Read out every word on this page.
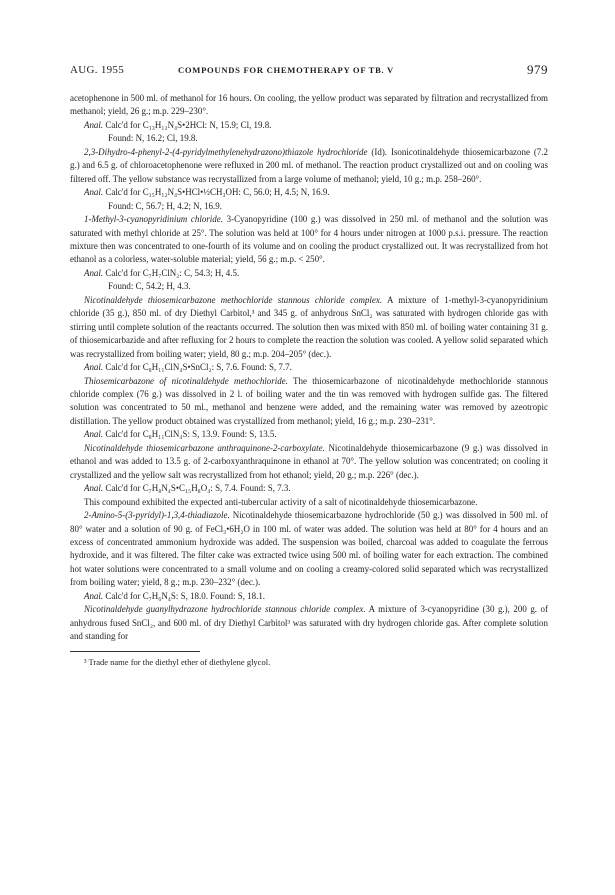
AUG. 1955	COMPOUNDS FOR CHEMOTHERAPY OF TB. V	979

acetophenone in 500 ml. of methanol for 16 hours. On cooling, the yellow product was separated by filtration and recrystallized from methanol; yield, 26 g.; m.p. 229–230°.

Anal. Calc'd for C₁₃H₁₂N₄S•2HCl: N, 15.9; Cl, 19.8.

Found: N, 16.2; Cl, 19.8.

2,3-Dihydro-4-phenyl-2-(4-pyridylmethylenehydrazono)thiazole hydrochloride (Id). Isonicotinaldehyde thiosemicarbazone (7.2 g.) and 6.5 g. of chloroacetophenone were refluxed in 200 ml. of methanol. The reaction product crystallized out and on cooling was filtered off. The yellow substance was recrystallized from a large volume of methanol; yield, 10 g.; m.p. 258–260°.

Anal. Calc'd for C₁₅H₁₂N₄S•HCl•½CH₃OH: C, 56.0; H, 4.5; N, 16.9.

Found: C, 56.7; H, 4.2; N, 16.9.

1-Methyl-3-cyanopyridinium chloride. 3-Cyanopyridine (100 g.) was dissolved in 250 ml. of methanol and the solution was saturated with methyl chloride at 25°. The solution was held at 100° for 4 hours under nitrogen at 1000 p.s.i. pressure. The reaction mixture then was concentrated to one-fourth of its volume and on cooling the product crystallized out. It was recrystallized from hot ethanol as a colorless, water-soluble material; yield, 56 g.; m.p. < 250°.

Anal. Calc'd for C₇H₇ClN₂: C, 54.3; H, 4.5.

Found: C, 54.2; H, 4.3.

Nicotinaldehyde thiosemicarbazone methochloride stannous chloride complex. A mixture of 1-methyl-3-cyanopyridinium chloride (35 g.), 850 ml. of dry Diethyl Carbitol,³ and 345 g. of anhydrous SnCl₂ was saturated with hydrogen chloride gas with stirring until complete solution of the reactants occurred. The solution then was mixed with 850 ml. of boiling water containing 31 g. of thiosemicarbazide and after refluxing for 2 hours to complete the reaction the solution was cooled. A yellow solid separated which was recrystallized from boiling water; yield, 80 g.; m.p. 204–205° (dec.).

Anal. Calc'd for C₈H₁₁ClN₄S•SnCl₂: S, 7.6. Found: S, 7.7.

Thiosemicarbazone of nicotinaldehyde methochloride. The thiosemicarbazone of nicotinaldehyde methochloride stannous chloride complex (76 g.) was dissolved in 2 l. of boiling water and the tin was removed with hydrogen sulfide gas. The filtered solution was concentrated to 50 ml., methanol and benzene were added, and the remaining water was removed by azeotropic distillation. The yellow product obtained was crystallized from methanol; yield, 16 g.; m.p. 230–231°.

Anal. Calc'd for C₈H₁₁ClN₄S: S, 13.9. Found: S, 13.5.

Nicotinaldehyde thiosemicarbazone anthraquinone-2-carboxylate. Nicotinaldehyde thiosemicarbazone (9 g.) was dissolved in ethanol and was added to 13.5 g. of 2-carboxyanthraquinone in ethanol at 70°. The yellow solution was concentrated; on cooling it crystallized and the yellow salt was recrystallized from hot ethanol; yield, 20 g.; m.p. 226° (dec.).

Anal. Calc'd for C₇H₈N₄S•C₁₅H₈O₄: S, 7.4. Found: S, 7.3.

This compound exhibited the expected anti-tubercular activity of a salt of nicotinaldehyde thiosemicarbazone.

2-Amino-5-(3-pyridyl)-1,3,4-thiadiazole. Nicotinaldehyde thiosemicarbazone hydrochloride (50 g.) was dissolved in 500 ml. of 80° water and a solution of 90 g. of FeCl₃•6H₂O in 100 ml. of water was added. The solution was held at 80° for 4 hours and an excess of concentrated ammonium hydroxide was added. The suspension was boiled, charcoal was added to coagulate the ferrous hydroxide, and it was filtered. The filter cake was extracted twice using 500 ml. of boiling water for each extraction. The combined hot water solutions were concentrated to a small volume and on cooling a creamy-colored solid separated which was recrystallized from boiling water; yield, 8 g.; m.p. 230–232° (dec.).

Anal. Calc'd for C₇H₆N₄S: S, 18.0. Found: S, 18.1.

Nicotinaldehyde guanylhydrazone hydrochloride stannous chloride complex. A mixture of 3-cyanopyridine (30 g.), 200 g. of anhydrous fused SnCl₂, and 600 ml. of dry Diethyl Carbitol³ was saturated with dry hydrogen chloride gas. After complete solution and standing for

³ Trade name for the diethyl ether of diethylene glycol.
